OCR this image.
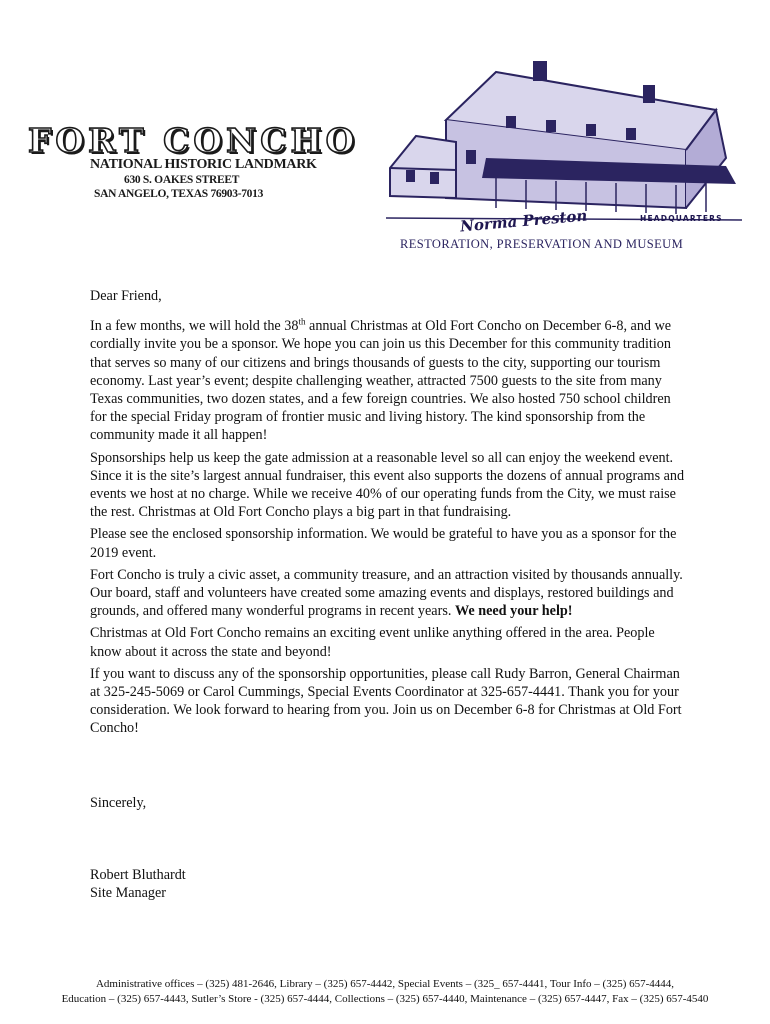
FORT CONCHO
NATIONAL HISTORIC LANDMARK
630 S. OAKES STREET
SAN ANGELO, TEXAS 76903-7013
Norma Preston	HEADQUARTERS
RESTORATION, PRESERVATION AND MUSEUM

Dear Friend,

In a few months, we will hold the 38th annual Christmas at Old Fort Concho on December 6-8, and we cordially invite you be a sponsor. We hope you can join us this December for this community tradition that serves so many of our citizens and brings thousands of guests to the city, supporting our tourism economy. Last year’s event; despite challenging weather, attracted 7500 guests to the site from many Texas communities, two dozen states, and a few foreign countries. We also hosted 750 school children for the special Friday program of frontier music and living history. The kind sponsorship from the community made it all happen!

Sponsorships help us keep the gate admission at a reasonable level so all can enjoy the weekend event. Since it is the site’s largest annual fundraiser, this event also supports the dozens of annual programs and events we host at no charge. While we receive 40% of our operating funds from the City, we must raise the rest. Christmas at Old Fort Concho plays a big part in that fundraising.

Please see the enclosed sponsorship information. We would be grateful to have you as a sponsor for the 2019 event.

Fort Concho is truly a civic asset, a community treasure, and an attraction visited by thousands annually. Our board, staff and volunteers have created some amazing events and displays, restored buildings and grounds, and offered many wonderful programs in recent years. We need your help!

Christmas at Old Fort Concho remains an exciting event unlike anything offered in the area. People know about it across the state and beyond!

If you want to discuss any of the sponsorship opportunities, please call Rudy Barron, General Chairman at 325-245-5069 or Carol Cummings, Special Events Coordinator at 325-657-4441. Thank you for your consideration. We look forward to hearing from you. Join us on December 6-8 for Christmas at Old Fort Concho!

Sincerely,
Robert Bluthardt
Site Manager
Administrative offices – (325) 481-2646, Library – (325) 657-4442, Special Events – (325_ 657-4441, Tour Info – (325) 657-4444,
Education – (325) 657-4443, Sutler’s Store - (325) 657-4444, Collections – (325) 657-4440, Maintenance – (325) 657-4447, Fax – (325) 657-4540
